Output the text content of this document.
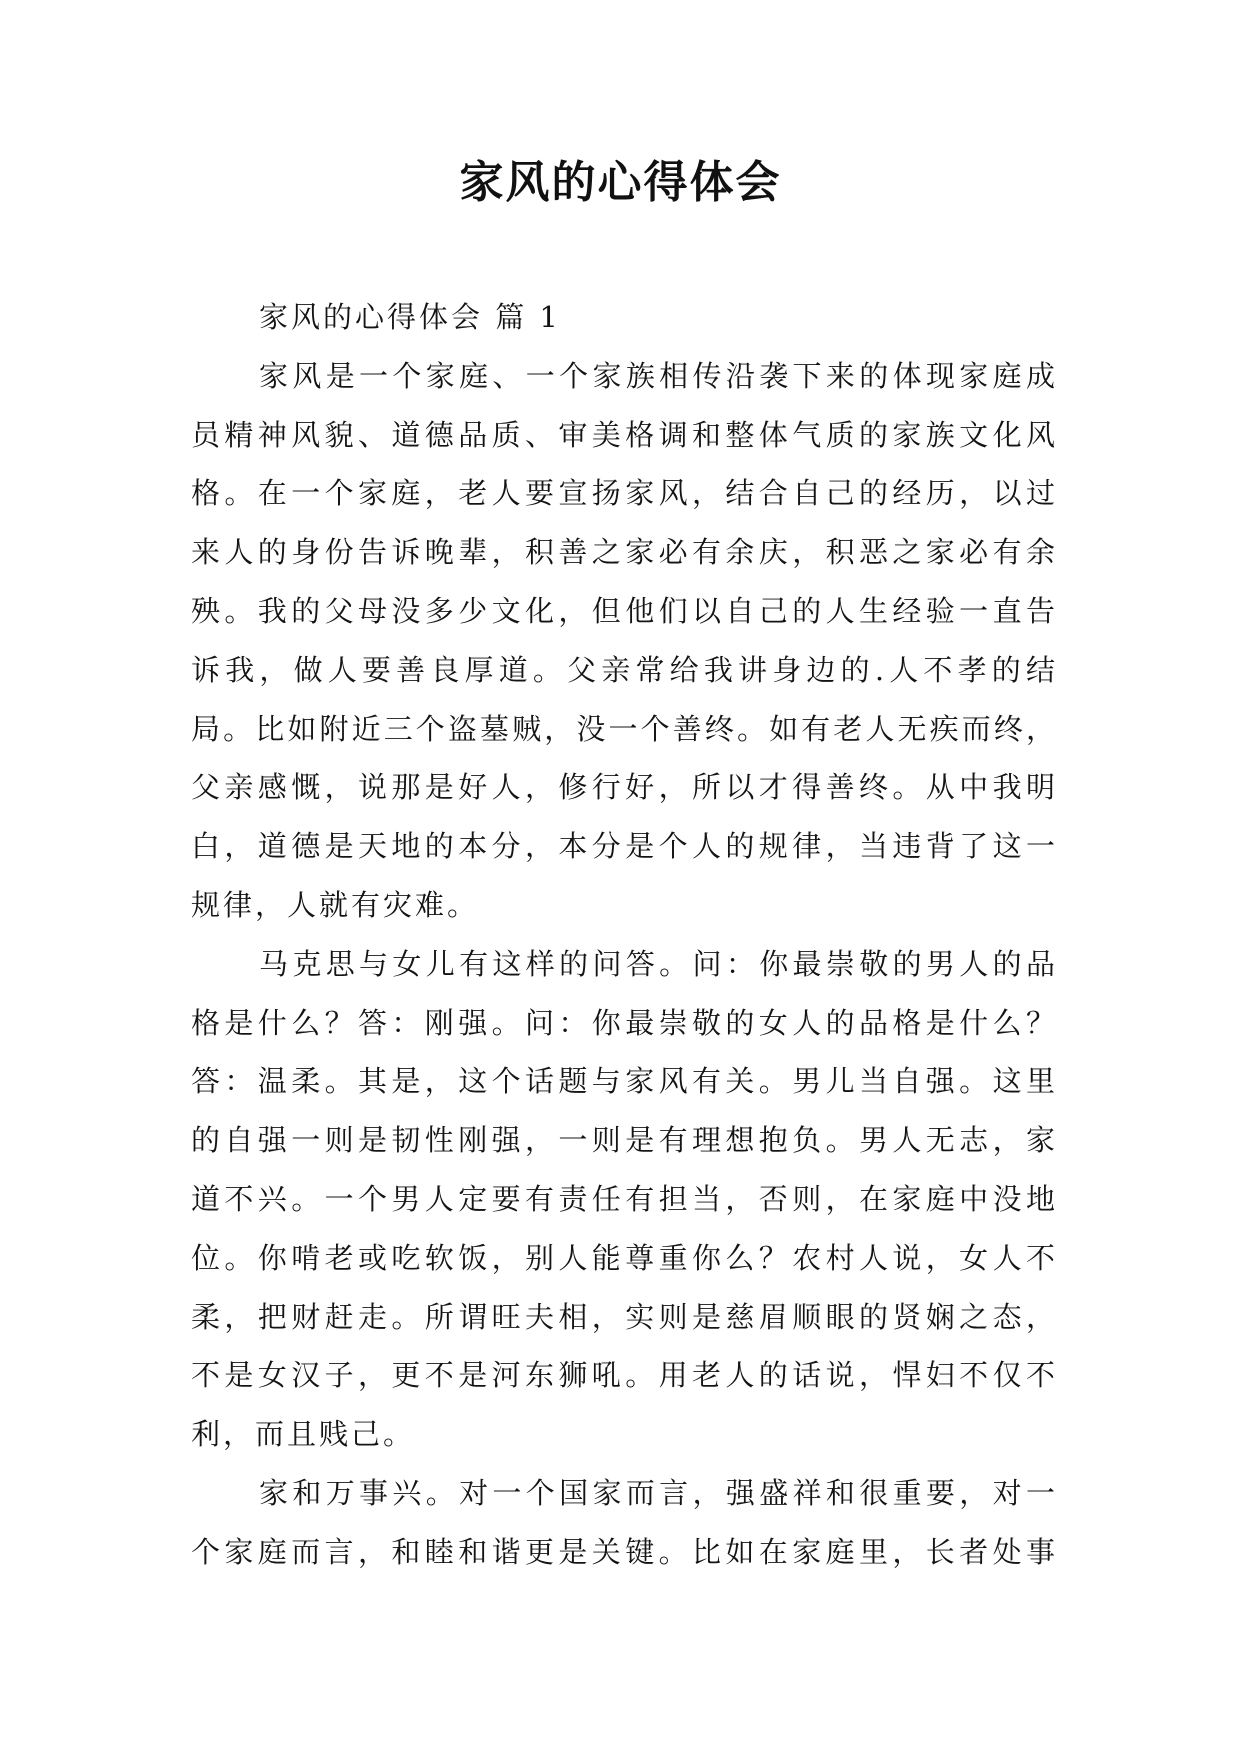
家风的心得体会
家风的心得体会 篇 1
家风是一个家庭、一个家族相传沿袭下来的体现家庭成
员精神风貌、道德品质、审美格调和整体气质的家族文化风
格。在一个家庭，老人要宣扬家风，结合自己的经历，以过
来人的身份告诉晚辈，积善之家必有余庆，积恶之家必有余
殃。我的父母没多少文化，但他们以自己的人生经验一直告
诉我，做人要善良厚道。父亲常给我讲身边的.人不孝的结
局。比如附近三个盗墓贼，没一个善终。如有老人无疾而终，
父亲感慨，说那是好人，修行好，所以才得善终。从中我明
白，道德是天地的本分，本分是个人的规律，当违背了这一
规律，人就有灾难。
马克思与女儿有这样的问答。问：你最崇敬的男人的品
格是什么？答：刚强。问：你最崇敬的女人的品格是什么？
答：温柔。其是，这个话题与家风有关。男儿当自强。这里
的自强一则是韧性刚强，一则是有理想抱负。男人无志，家
道不兴。一个男人定要有责任有担当，否则，在家庭中没地
位。你啃老或吃软饭，别人能尊重你么？农村人说，女人不
柔，把财赶走。所谓旺夫相，实则是慈眉顺眼的贤娴之态，
不是女汉子，更不是河东狮吼。用老人的话说，悍妇不仅不
利，而且贱己。
家和万事兴。对一个国家而言，强盛祥和很重要，对一
个家庭而言，和睦和谐更是关键。比如在家庭里，长者处事
